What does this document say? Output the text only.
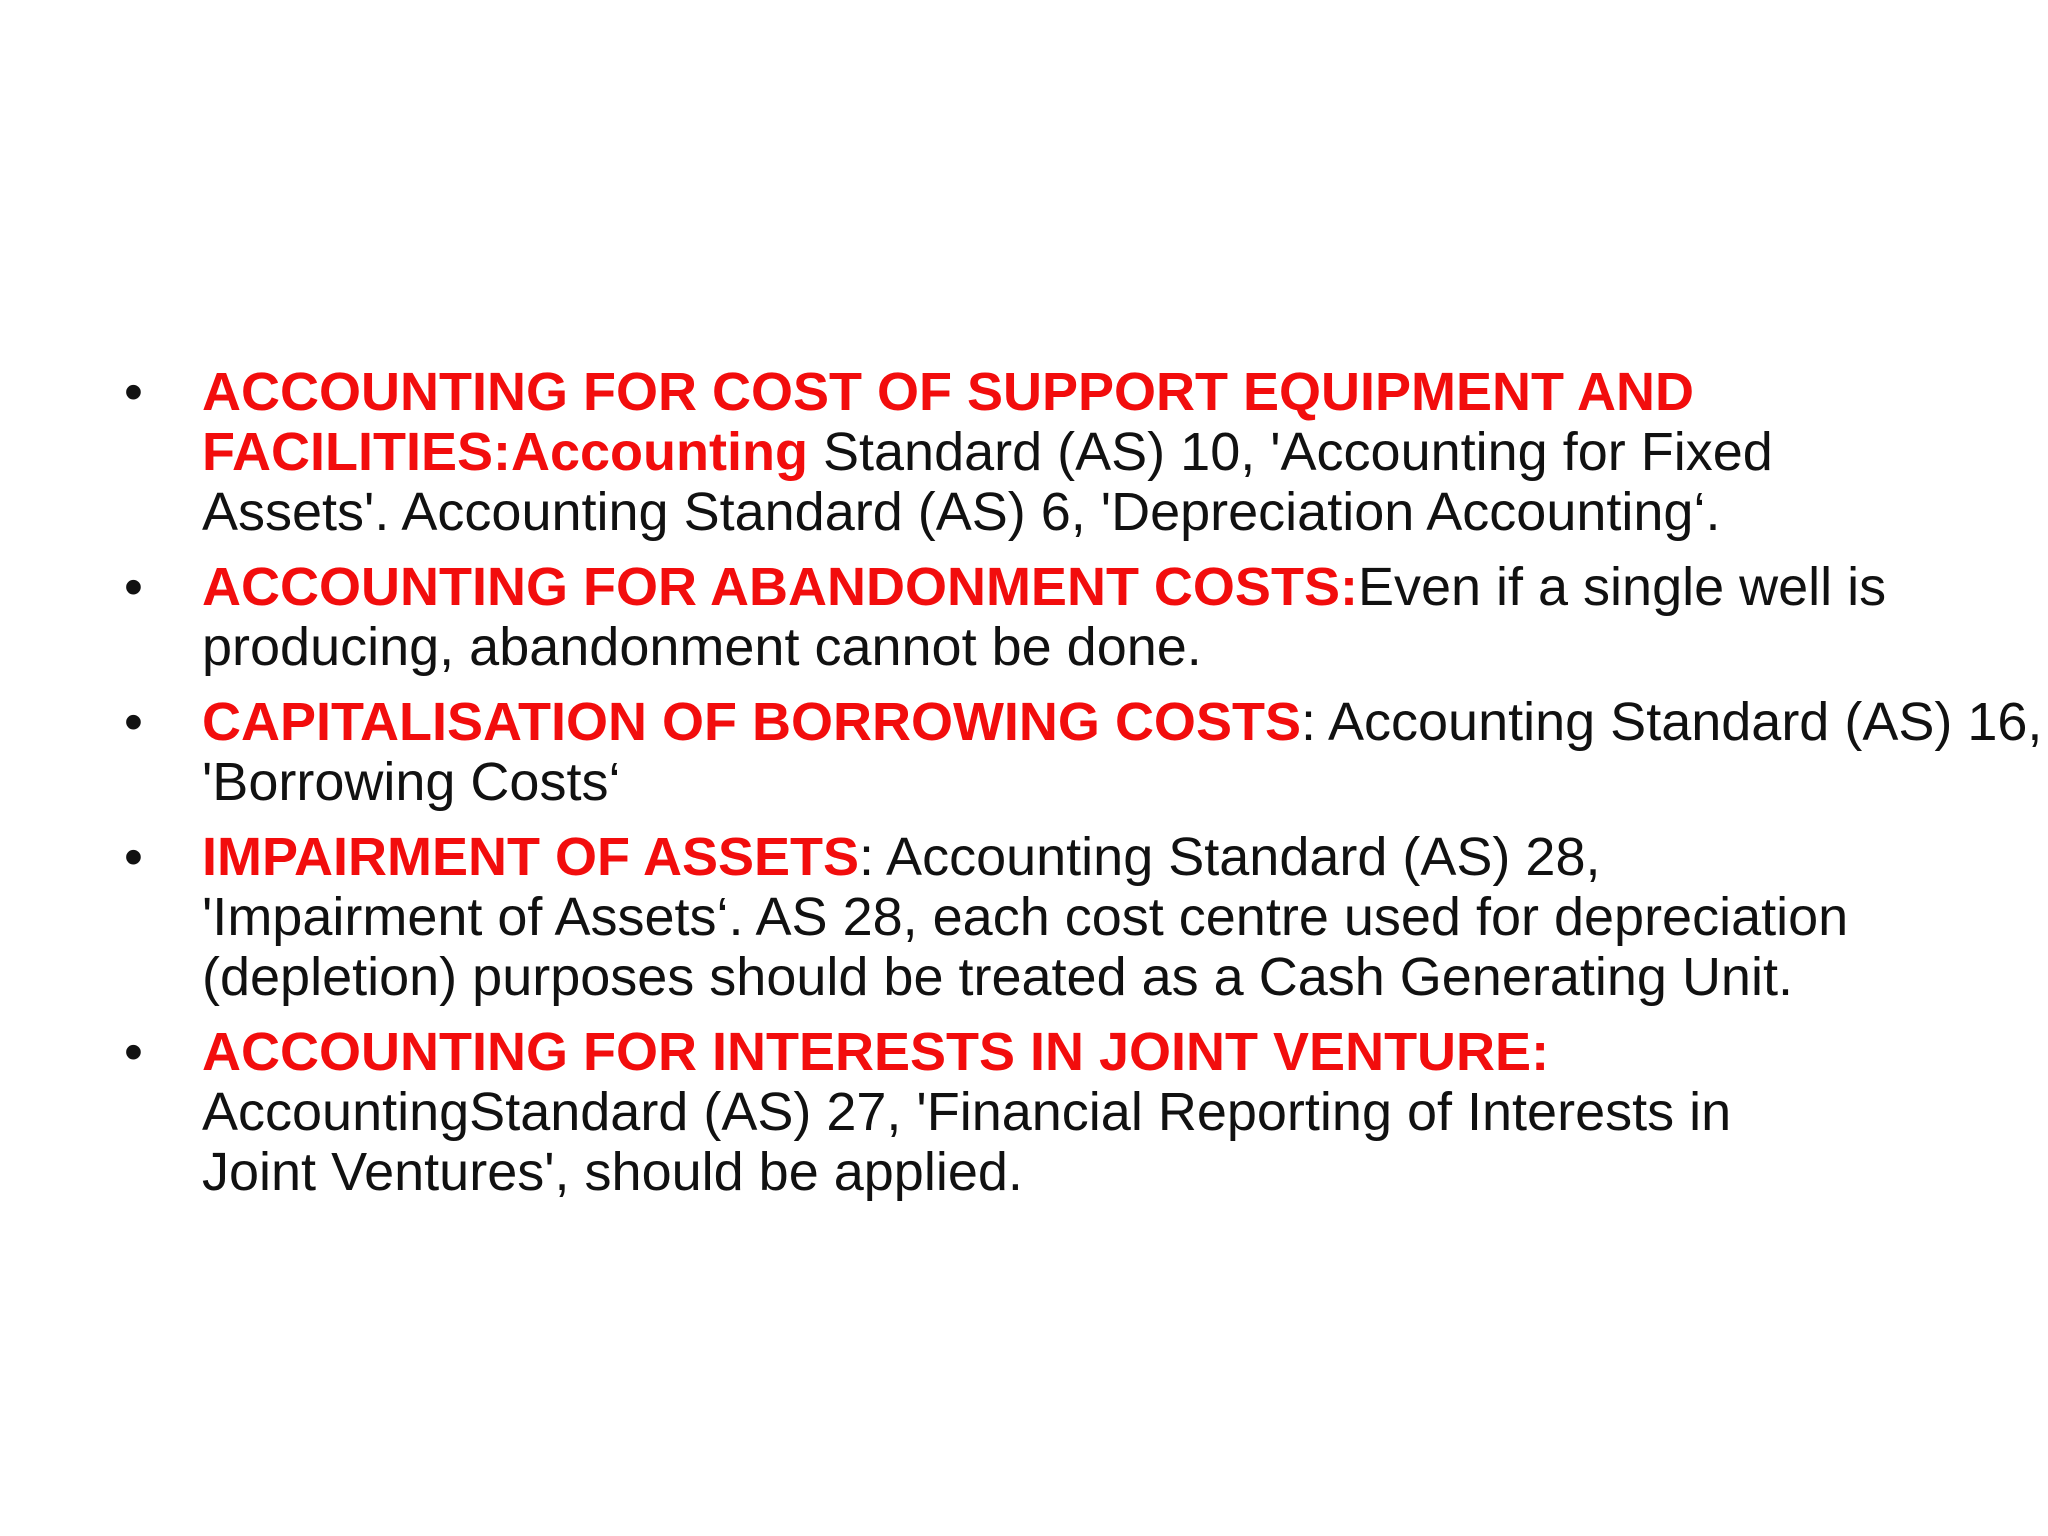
•	ACCOUNTING FOR COST OF SUPPORT EQUIPMENT AND FACILITIES:Accounting Standard (AS) 10, 'Accounting for Fixed Assets'. Accounting Standard (AS) 6, 'Depreciation Accounting‘.
•	ACCOUNTING FOR ABANDONMENT COSTS:Even if a single well is producing, abandonment cannot be done.
•	CAPITALISATION OF BORROWING COSTS: Accounting Standard (AS) 16, 'Borrowing Costs‘
•	IMPAIRMENT OF ASSETS: Accounting Standard (AS) 28, 'Impairment of Assets‘. AS 28, each cost centre used for depreciation (depletion) purposes should be treated as a Cash Generating Unit.
•	ACCOUNTING FOR INTERESTS IN JOINT VENTURE: AccountingStandard (AS) 27, 'Financial Reporting of Interests in Joint Ventures', should be applied.
